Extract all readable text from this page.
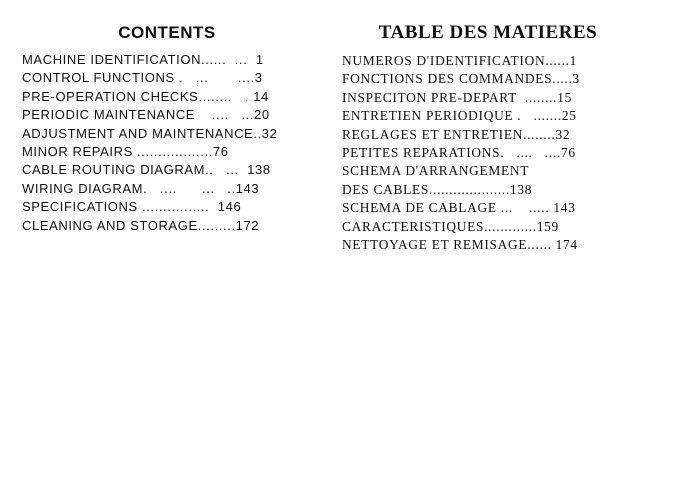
CONTENTS
MACHINE IDENTIFICATION......  ...  1
CONTROL FUNCTIONS .   ...       ....3
PRE-OPERATION CHECKS........   . 14
PERIODIC MAINTENANCE    ....   ...20
ADJUSTMENT AND MAINTENANCE..32
MINOR REPAIRS ..................76
CABLE ROUTING DIAGRAM..   ...  138
WIRING DIAGRAM.   ....      ...   ..143
SPECIFICATIONS ................  146
CLEANING AND STORAGE.........172
TABLE DES MATIERES
NUMEROS D'IDENTIFICATION......1
FONCTIONS DES COMMANDES.....3
INSPECITON PRE-DEPART  ........15
ENTRETIEN PERIODIQUE .   .......25
REGLAGES ET ENTRETIEN........32
PETITES REPARATIONS.   ....   ....76
SCHEMA D'ARRANGEMENT
DES CABLES....................138
SCHEMA DE CABLAGE ...    ..... 143
CARACTERISTIQUES.............159
NETTOYAGE ET REMISAGE...... 174
